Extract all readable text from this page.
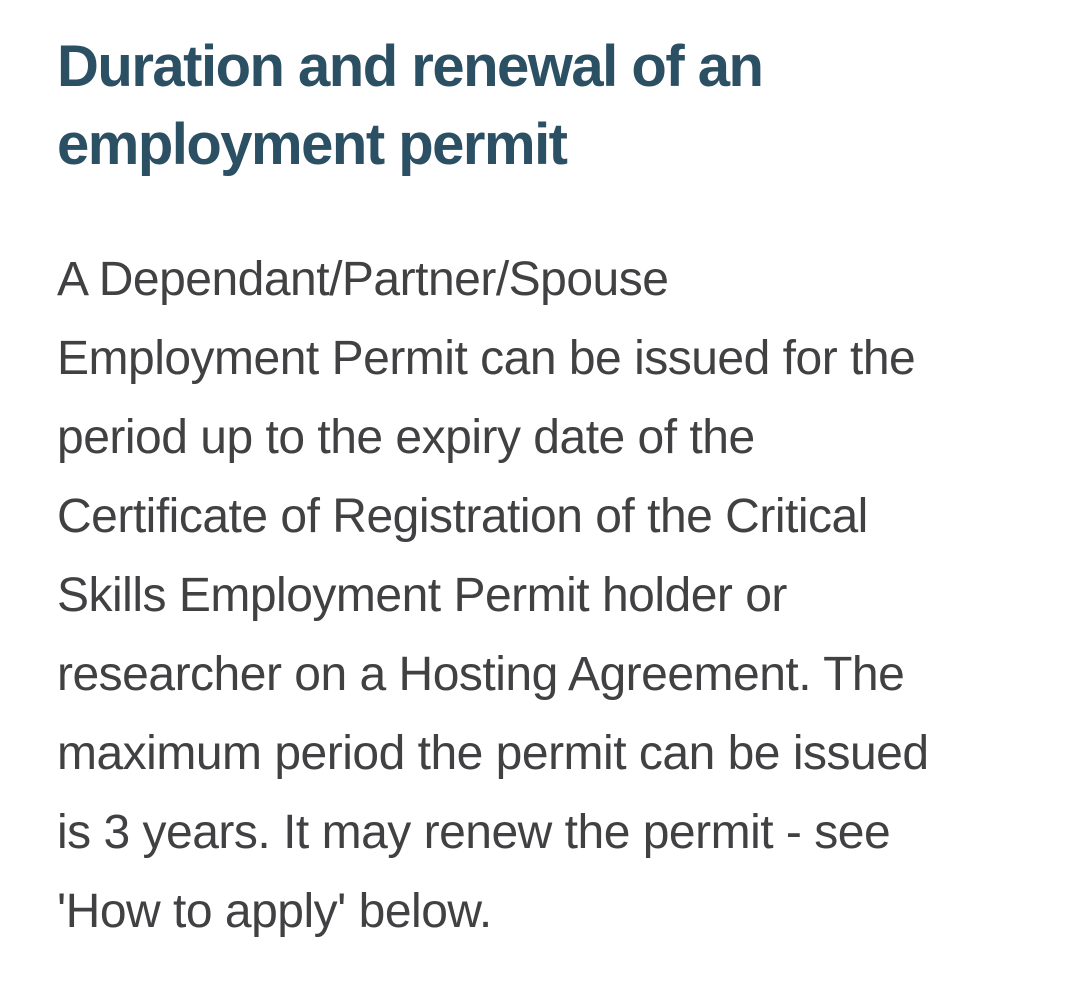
Duration and renewal of an
employment permit

A Dependant/Partner/Spouse
Employment Permit can be issued for the
period up to the expiry date of the
Certificate of Registration of the Critical
Skills Employment Permit holder or
researcher on a Hosting Agreement. The
maximum period the permit can be issued
is 3 years. It may renew the permit - see
'How to apply' below.
